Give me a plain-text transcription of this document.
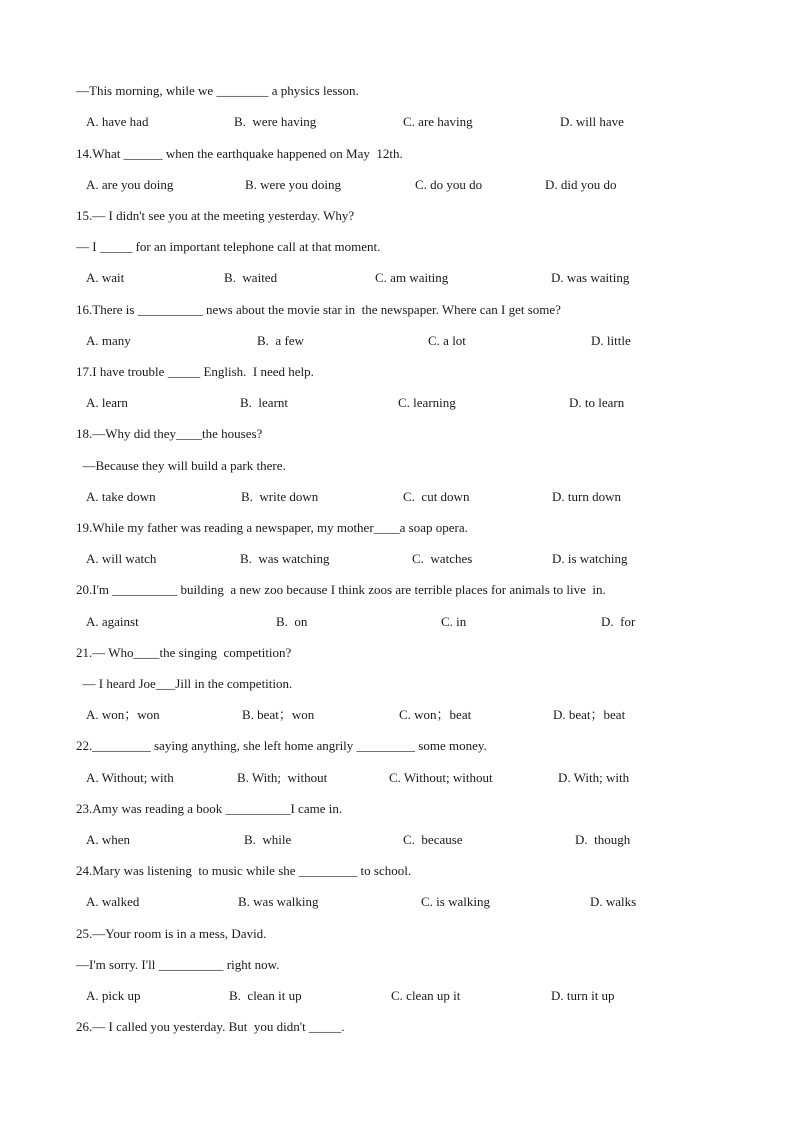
—This morning, while we ________ a physics lesson.
A. have had	B.  were having	C. are having	D. will have
14.What ______ when the earthquake happened on May  12th.
A. are you doing	B. were you doing	C. do you do	D. did you do
15.— I didn't see you at the meeting yesterday. Why?
— I _____ for an important telephone call at that moment.
A. wait	B.  waited	C. am waiting	D. was waiting
16.There is __________ news about the movie star in  the newspaper. Where can I get some?
A. many	B.  a few	C. a lot	D. little
17.I have trouble _____ English.  I need help.
A. learn	B.  learnt	C. learning	D. to learn
18.—Why did they____the houses?
—Because they will build a park there.
A. take down	B.  write down	C.  cut down	D. turn down
19.While my father was reading a newspaper, my mother____a soap opera.
A. will watch	B.  was watching	C.  watches	D. is watching
20.I'm __________ building  a new zoo because I think zoos are terrible places for animals to live  in.
A. against	B.  on	C. in	D.  for
21.— Who____the singing  competition?
— I heard Joe___Jill in the competition.
A. won；won	B. beat；won	C. won；beat	D. beat；beat
22._________ saying anything, she left home angrily _________ some money.
A. Without; with	B. With;  without	C. Without; without	D. With; with
23.Amy was reading a book __________I came in.
A. when	B.  while	C.  because	D.  though
24.Mary was listening  to music while she _________ to school.
A. walked	B. was walking	C. is walking	D. walks
25.—Your room is in a mess, David.
—I'm sorry. I'll __________ right now.
A. pick up	B.  clean it up	C. clean up it	D. turn it up
26.— I called you yesterday. But  you didn't _____.
